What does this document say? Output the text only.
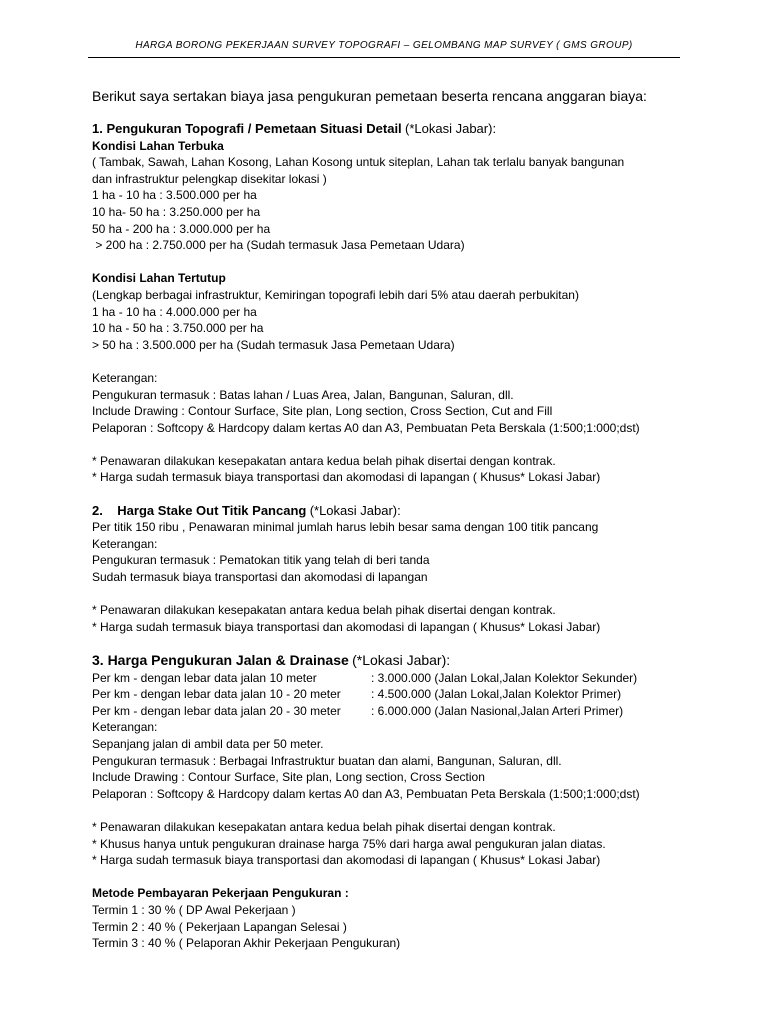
HARGA BORONG PEKERJAAN SURVEY TOPOGRAFI – GELOMBANG MAP SURVEY ( GMS GROUP)
Berikut saya sertakan biaya jasa pengukuran pemetaan beserta rencana anggaran biaya:
1. Pengukuran Topografi / Pemetaan Situasi Detail (*Lokasi Jabar):
Kondisi Lahan Terbuka
( Tambak, Sawah, Lahan Kosong, Lahan Kosong untuk siteplan, Lahan tak terlalu banyak bangunan
dan infrastruktur pelengkap disekitar lokasi )
1 ha - 10 ha : 3.500.000 per ha
10 ha- 50 ha : 3.250.000 per ha
50 ha - 200 ha : 3.000.000 per ha
> 200 ha : 2.750.000 per ha (Sudah termasuk Jasa Pemetaan Udara)
Kondisi Lahan Tertutup
(Lengkap berbagai infrastruktur, Kemiringan topografi lebih dari 5% atau daerah perbukitan)
1 ha - 10 ha : 4.000.000 per ha
10 ha - 50 ha : 3.750.000 per ha
> 50 ha : 3.500.000 per ha (Sudah termasuk Jasa Pemetaan Udara)
Keterangan:
Pengukuran termasuk : Batas lahan / Luas Area, Jalan, Bangunan, Saluran, dll.
Include Drawing : Contour Surface, Site plan, Long section, Cross Section, Cut and Fill
Pelaporan : Softcopy & Hardcopy dalam kertas A0 dan A3, Pembuatan Peta Berskala (1:500;1:000;dst)
* Penawaran dilakukan kesepakatan antara kedua belah pihak disertai dengan kontrak.
* Harga sudah termasuk biaya transportasi dan akomodasi di lapangan ( Khusus* Lokasi Jabar)
2.    Harga Stake Out Titik Pancang (*Lokasi Jabar):
Per titik 150 ribu , Penawaran minimal jumlah harus lebih besar sama dengan 100 titik pancang
Keterangan:
Pengukuran termasuk : Pematokan titik yang telah di beri tanda
Sudah termasuk biaya transportasi dan akomodasi di lapangan
* Penawaran dilakukan kesepakatan antara kedua belah pihak disertai dengan kontrak.
* Harga sudah termasuk biaya transportasi dan akomodasi di lapangan ( Khusus* Lokasi Jabar)
3. Harga Pengukuran Jalan & Drainase (*Lokasi Jabar):
Per km - dengan lebar data jalan 10 meter	: 3.000.000 (Jalan Lokal,Jalan Kolektor Sekunder)
Per km - dengan lebar data jalan 10 - 20 meter	: 4.500.000 (Jalan Lokal,Jalan Kolektor Primer)
Per km - dengan lebar data jalan 20 - 30 meter	: 6.000.000 (Jalan Nasional,Jalan Arteri Primer)
Keterangan:
Sepanjang jalan di ambil data per 50 meter.
Pengukuran termasuk : Berbagai Infrastruktur buatan dan alami, Bangunan, Saluran, dll.
Include Drawing : Contour Surface, Site plan, Long section, Cross Section
Pelaporan : Softcopy & Hardcopy dalam kertas A0 dan A3, Pembuatan Peta Berskala (1:500;1:000;dst)
* Penawaran dilakukan kesepakatan antara kedua belah pihak disertai dengan kontrak.
* Khusus hanya untuk pengukuran drainase harga 75% dari harga awal pengukuran jalan diatas.
* Harga sudah termasuk biaya transportasi dan akomodasi di lapangan ( Khusus* Lokasi Jabar)
Metode Pembayaran Pekerjaan Pengukuran :
Termin 1 : 30 % ( DP Awal Pekerjaan )
Termin 2 : 40 % ( Pekerjaan Lapangan Selesai )
Termin 3 : 40 % ( Pelaporan Akhir Pekerjaan Pengukuran)
